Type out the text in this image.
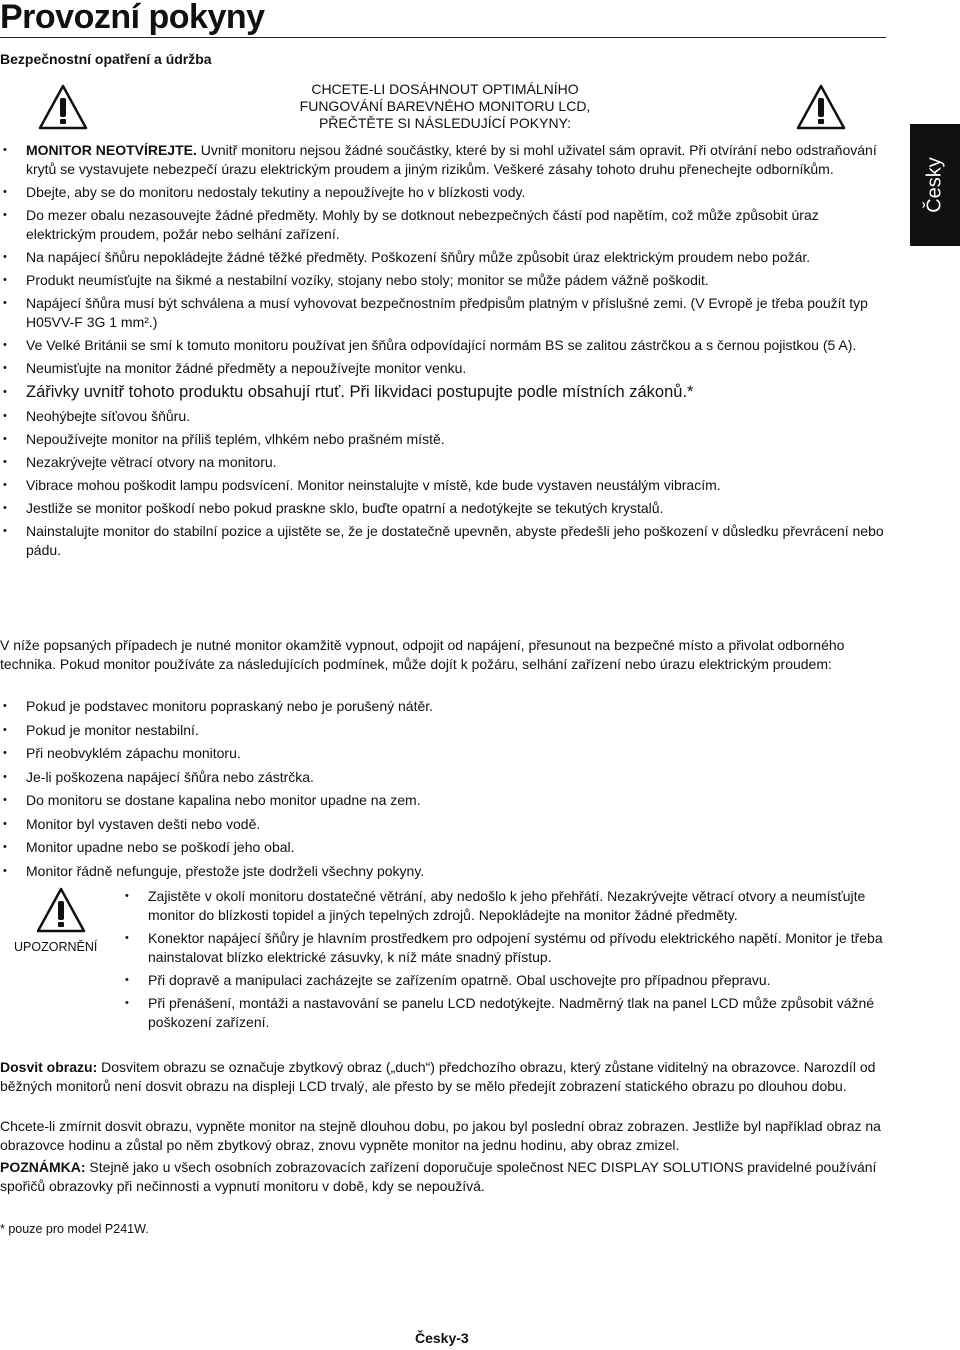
Provozní pokyny
Česky
Bezpečnostní opatření a údržba
CHCETE-LI DOSÁHNOUT OPTIMÁLNÍHO
FUNGOVÁNÍ BAREVNÉHO MONITORU LCD,
PŘEČTĚTE SI NÁSLEDUJÍCÍ POKYNY:
• MONITOR NEOTVÍREJTE. Uvnitř monitoru nejsou žádné součástky, které by si mohl uživatel sám opravit. Při otvírání nebo odstraňování krytů se vystavujete nebezpečí úrazu elektrickým proudem a jiným rizikům. Veškeré zásahy tohoto druhu přenechejte odborníkům.
• Dbejte, aby se do monitoru nedostaly tekutiny a nepoužívejte ho v blízkosti vody.
• Do mezer obalu nezasouvejte žádné předměty. Mohly by se dotknout nebezpečných částí pod napětím, což může způsobit úraz elektrickým proudem, požár nebo selhání zařízení.
• Na napájecí šňůru nepokládejte žádné těžké předměty. Poškození šňůry může způsobit úraz elektrickým proudem nebo požár.
• Produkt neumísťujte na šikmé a nestabilní vozíky, stojany nebo stoly; monitor se může pádem vážně poškodit.
• Napájecí šňůra musí být schválena a musí vyhovovat bezpečnostním předpisům platným v příslušné zemi. (V Evropě je třeba použít typ H05VV-F 3G 1 mm².)
• Ve Velké Británii se smí k tomuto monitoru používat jen šňůra odpovídající normám BS se zalitou zástrčkou a s černou pojistkou (5 A).
• Neumisťujte na monitor žádné předměty a nepoužívejte monitor venku.
• Zářivky uvnitř tohoto produktu obsahují rtuť. Při likvidaci postupujte podle místních zákonů.*
• Neohýbejte síťovou šňůru.
• Nepoužívejte monitor na příliš teplém, vlhkém nebo prašném místě.
• Nezakrývejte větrací otvory na monitoru.
• Vibrace mohou poškodit lampu podsvícení. Monitor neinstalujte v místě, kde bude vystaven neustálým vibracím.
• Jestliže se monitor poškodí nebo pokud praskne sklo, buďte opatrní a nedotýkejte se tekutých krystalů.
• Nainstalujte monitor do stabilní pozice a ujistěte se, že je dostatečně upevněn, abyste předešli jeho poškození v důsledku převrácení nebo pádu.
V níže popsaných případech je nutné monitor okamžitě vypnout, odpojit od napájení, přesunout na bezpečné místo a přivolat odborného technika. Pokud monitor používáte za následujících podmínek, může dojít k požáru, selhání zařízení nebo úrazu elektrickým proudem:
• Pokud je podstavec monitoru popraskaný nebo je porušený nátěr.
• Pokud je monitor nestabilní.
• Při neobvyklém zápachu monitoru.
• Je-li poškozena napájecí šňůra nebo zástrčka.
• Do monitoru se dostane kapalina nebo monitor upadne na zem.
• Monitor byl vystaven dešti nebo vodě.
• Monitor upadne nebo se poškodí jeho obal.
• Monitor řádně nefunguje, přestože jste dodrželi všechny pokyny.
UPOZORNĚNÍ
• Zajistěte v okolí monitoru dostatečné větrání, aby nedošlo k jeho přehřátí. Nezakrývejte větrací otvory a neumísťujte monitor do blízkosti topidel a jiných tepelných zdrojů. Nepokládejte na monitor žádné předměty.
• Konektor napájecí šňůry je hlavním prostředkem pro odpojení systému od přívodu elektrického napětí. Monitor je třeba nainstalovat blízko elektrické zásuvky, k níž máte snadný přístup.
• Při dopravě a manipulaci zacházejte se zařízením opatrně. Obal uschovejte pro případnou přepravu.
• Při přenášení, montáži a nastavování se panelu LCD nedotýkejte. Nadměrný tlak na panel LCD může způsobit vážné poškození zařízení.
Dosvit obrazu: Dosvitem obrazu se označuje zbytkový obraz („duch“) předchozího obrazu, který zůstane viditelný na obrazovce. Narozdíl od běžných monitorů není dosvit obrazu na displeji LCD trvalý, ale přesto by se mělo předejít zobrazení statického obrazu po dlouhou dobu.
Chcete-li zmírnit dosvit obrazu, vypněte monitor na stejně dlouhou dobu, po jakou byl poslední obraz zobrazen. Jestliže byl například obraz na obrazovce hodinu a zůstal po něm zbytkový obraz, znovu vypněte monitor na jednu hodinu, aby obraz zmizel.
POZNÁMKA: Stejně jako u všech osobních zobrazovacích zařízení doporučuje společnost NEC DISPLAY SOLUTIONS pravidelné používání spořičů obrazovky při nečinnosti a vypnutí monitoru v době, kdy se nepoužívá.
* pouze pro model P241W.
Česky-3
